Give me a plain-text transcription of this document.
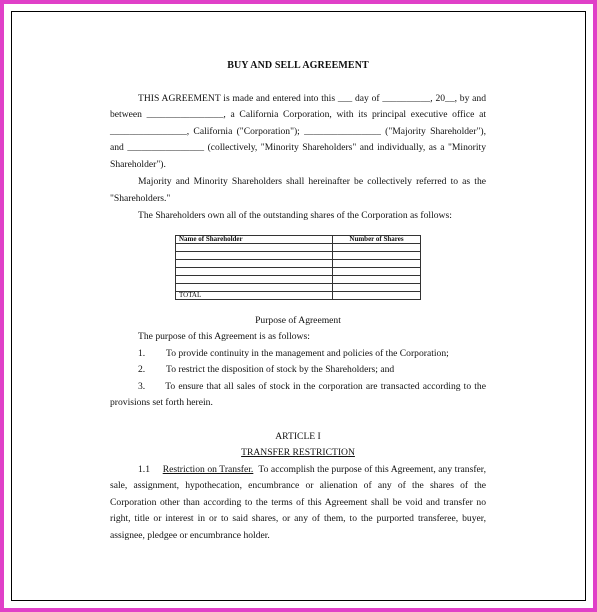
BUY AND SELL AGREEMENT

THIS AGREEMENT is made and entered into this ___ day of __________, 20__, by and between ________________, a California Corporation, with its principal executive office at ________________, California ("Corporation"); ________________ ("Majority Shareholder"), and ________________ (collectively, "Minority Shareholders" and individually, as a "Minority Shareholder").

Majority and Minority Shareholders shall hereinafter be collectively referred to as the "Shareholders."

The Shareholders own all of the outstanding shares of the Corporation as follows:

Name of Shareholder	Number of Shares

TOTAL	
Purpose of Agreement

The purpose of this Agreement is as follows:

1.	To provide continuity in the management and policies of the Corporation;
2.	To restrict the disposition of stock by the Shareholders; and

3. To ensure that all sales of stock in the corporation are transacted according to the provisions set forth herein.

ARTICLE I
TRANSFER RESTRICTION

1.1 Restriction on Transfer. To accomplish the purpose of this Agreement, any transfer, sale, assignment, hypothecation, encumbrance or alienation of any of the shares of the Corporation other than according to the terms of this Agreement shall be void and transfer no right, title or interest in or to said shares, or any of them, to the purported transferee, buyer, assignee, pledgee or encumbrance holder.
